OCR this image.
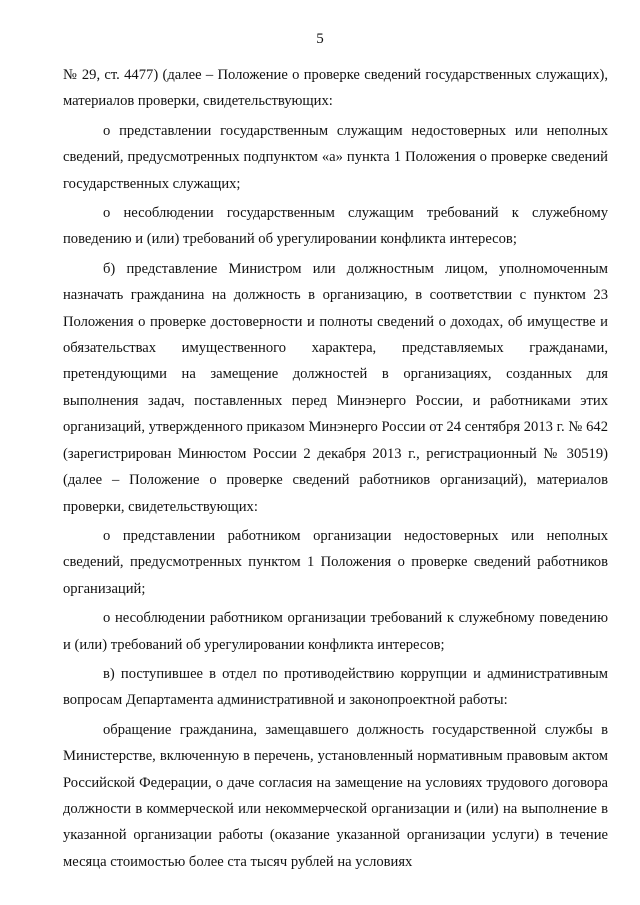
5

№ 29, ст. 4477) (далее – Положение о проверке сведений государственных служащих), материалов проверки, свидетельствующих:

о представлении государственным служащим недостоверных или неполных сведений, предусмотренных подпунктом «а» пункта 1 Положения о проверке сведений государственных служащих;

о несоблюдении государственным служащим требований к служебному поведению и (или) требований об урегулировании конфликта интересов;

б) представление Министром или должностным лицом, уполномоченным назначать гражданина на должность в организацию, в соответствии с пунктом 23 Положения о проверке достоверности и полноты сведений о доходах, об имуществе и обязательствах имущественного характера, представляемых гражданами, претендующими на замещение должностей в организациях, созданных для выполнения задач, поставленных перед Минэнерго России, и работниками этих организаций, утвержденного приказом Минэнерго России от 24 сентября 2013 г. № 642 (зарегистрирован Минюстом России 2 декабря 2013 г., регистрационный № 30519) (далее – Положение о проверке сведений работников организаций), материалов проверки, свидетельствующих:

о представлении работником организации недостоверных или неполных сведений, предусмотренных пунктом 1 Положения о проверке сведений работников организаций;

о несоблюдении работником организации требований к служебному поведению и (или) требований об урегулировании конфликта интересов;

в) поступившее в отдел по противодействию коррупции и административным вопросам Департамента административной и законопроектной работы:

обращение гражданина, замещавшего должность государственной службы в Министерстве, включенную в перечень, установленный нормативным правовым актом Российской Федерации, о даче согласия на замещение на условиях трудового договора должности в коммерческой или некоммерческой организации и (или) на выполнение в указанной организации работы (оказание указанной организации услуги) в течение месяца стоимостью более ста тысяч рублей на условиях
